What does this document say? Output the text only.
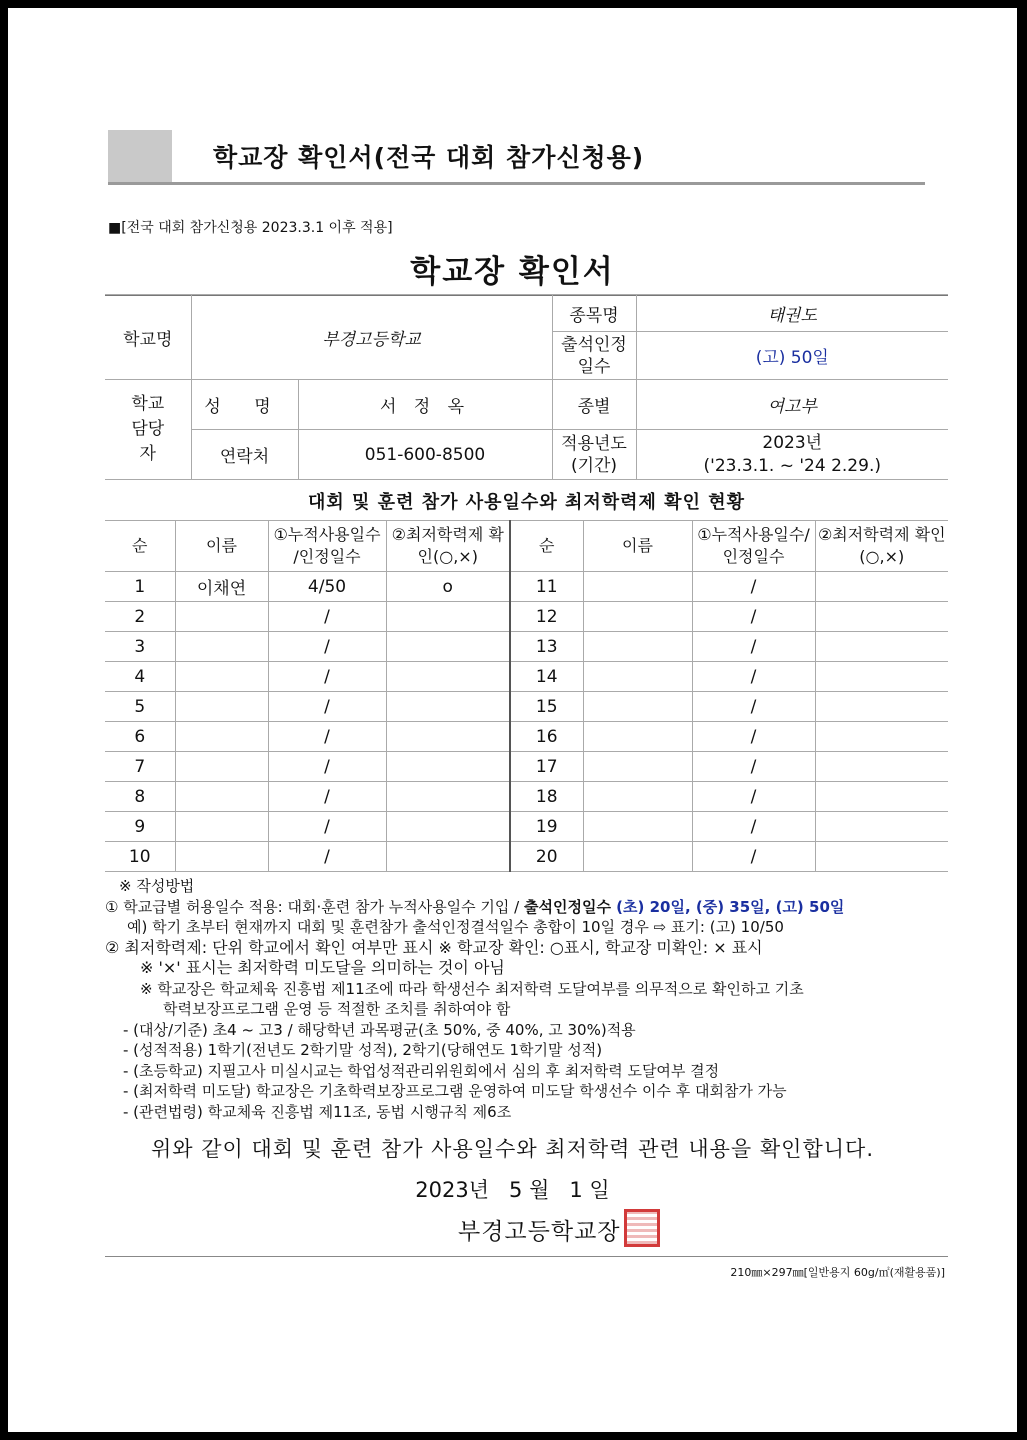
학교장 확인서(전국 대회 참가신청용)
■[전국 대회 참가신청용 2023.3.1 이후 적용]
학교장 확인서
학교명	부경고등학교		종목명	태권도
			출석인정일수	(고) 50일
학교 담당자	성 명	서 정 옥	종별	여고부
	연락처	051-600-8500	적용년도 (기간)	2023년
('23.3.1. ~ '24 2.29.)
대회 및 훈련 참가 사용일수와 최저학력제 확인 현황
순	이름	①누적사용일수 /인정일수	②최저학력제 확인(○,×)	순	이름	①누적사용일수/ 인정일수	②최저학력제 확인(○,×)
1	이채연	4/50	o	11		/	
2		/		12		/	
3		/		13		/	
4		/		14		/	
5		/		15		/	
6		/		16		/	
7		/		17		/	
8		/		18		/	
9		/		19		/	
10		/		20		/	
※ 작성방법
① 학교급별 허용일수 적용: 대회·훈련 참가 누적사용일수 기입 / 출석인정일수 (초) 20일, (중) 35일, (고) 50일
예) 학기 초부터 현재까지 대회 및 훈련참가 출석인정결석일수 총합이 10일 경우 ⇨ 표기: (고) 10/50
② 최저학력제: 단위 학교에서 확인 여부만 표시 ※ 학교장 확인: ○표시, 학교장 미확인: × 표시
※ '×' 표시는 최저학력 미도달을 의미하는 것이 아님
※ 학교장은 학교체육 진흥법 제11조에 따라 학생선수 최저학력 도달여부를 의무적으로 확인하고 기초
학력보장프로그램 운영 등 적절한 조치를 취하여야 함
- (대상/기준) 초4 ~ 고3 / 해당학년 과목평균(초 50%, 중 40%, 고 30%)적용
- (성적적용) 1학기(전년도 2학기말 성적), 2학기(당해연도 1학기말 성적)
- (초등학교) 지필고사 미실시교는 학업성적관리위원회에서 심의 후 최저학력 도달여부 결정
- (최저학력 미도달) 학교장은 기초학력보장프로그램 운영하여 미도달 학생선수 이수 후 대회참가 가능
- (관련법령) 학교체육 진흥법 제11조, 동법 시행규칙 제6조
위와 같이 대회 및 훈련 참가 사용일수와 최저학력 관련 내용을 확인합니다.
2023년   5 월   1 일
부경고등학교장
210㎜×297㎜[일반용지 60g/㎡(재활용품)]
